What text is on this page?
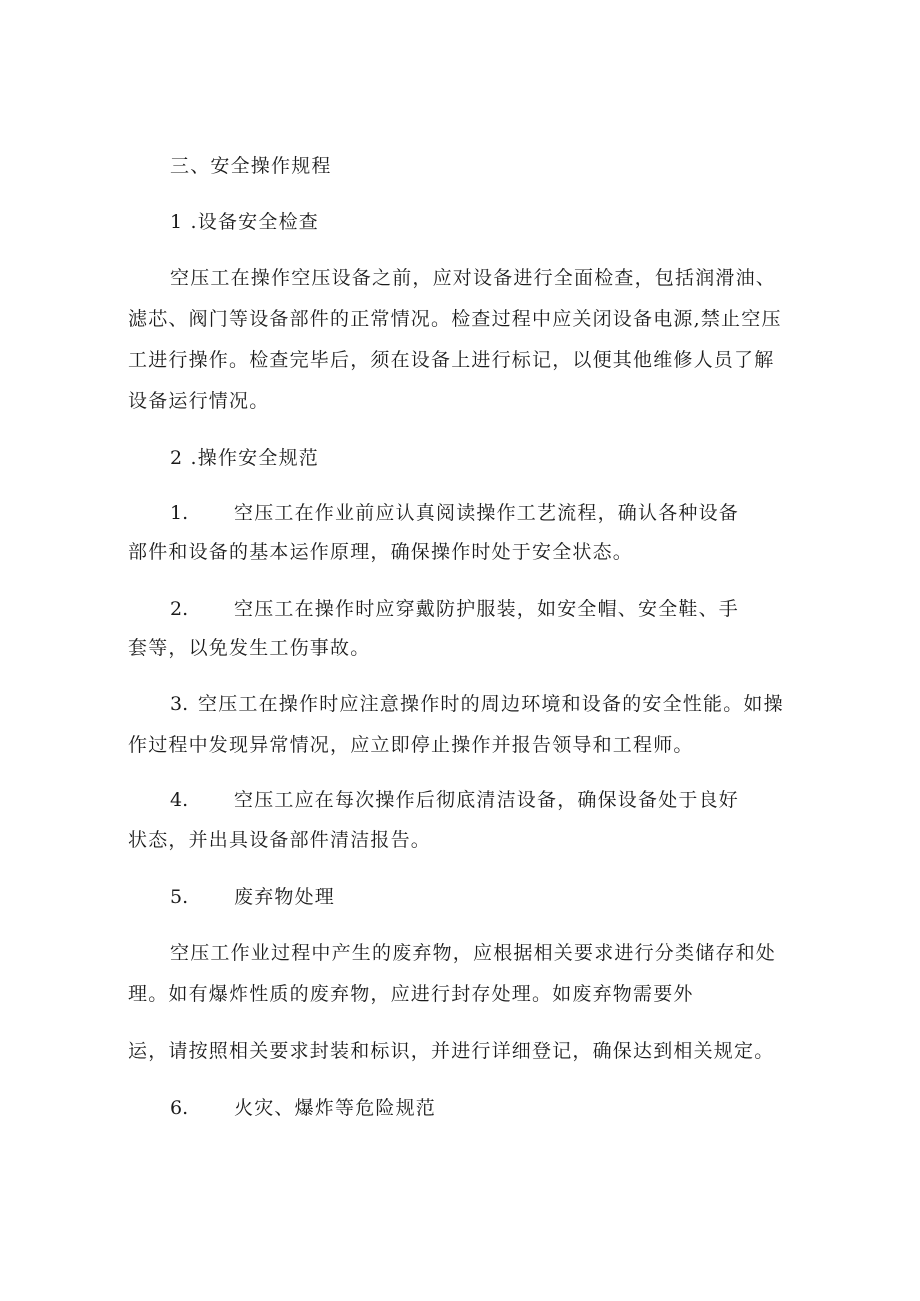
三、安全操作规程
1 .设备安全检查
空压工在操作空压设备之前，应对设备进行全面检查，包括润滑油、
滤芯、阀门等设备部件的正常情况。检查过程中应关闭设备电源,禁止空压
工进行操作。检查完毕后，须在设备上进行标记，以便其他维修人员了解
设备运行情况。
2 .操作安全规范
1. 空压工在作业前应认真阅读操作工艺流程，确认各种设备
部件和设备的基本运作原理，确保操作时处于安全状态。
2. 空压工在操作时应穿戴防护服装，如安全帽、安全鞋、手
套等，以免发生工伤事故。
3. 空压工在操作时应注意操作时的周边环境和设备的安全性能。如操
作过程中发现异常情况，应立即停止操作并报告领导和工程师。
4. 空压工应在每次操作后彻底清洁设备，确保设备处于良好
状态，并出具设备部件清洁报告。
5. 废弃物处理
空压工作业过程中产生的废弃物，应根据相关要求进行分类储存和处
理。如有爆炸性质的废弃物，应进行封存处理。如废弃物需要外
运，请按照相关要求封装和标识，并进行详细登记，确保达到相关规定。
6. 火灾、爆炸等危险规范
